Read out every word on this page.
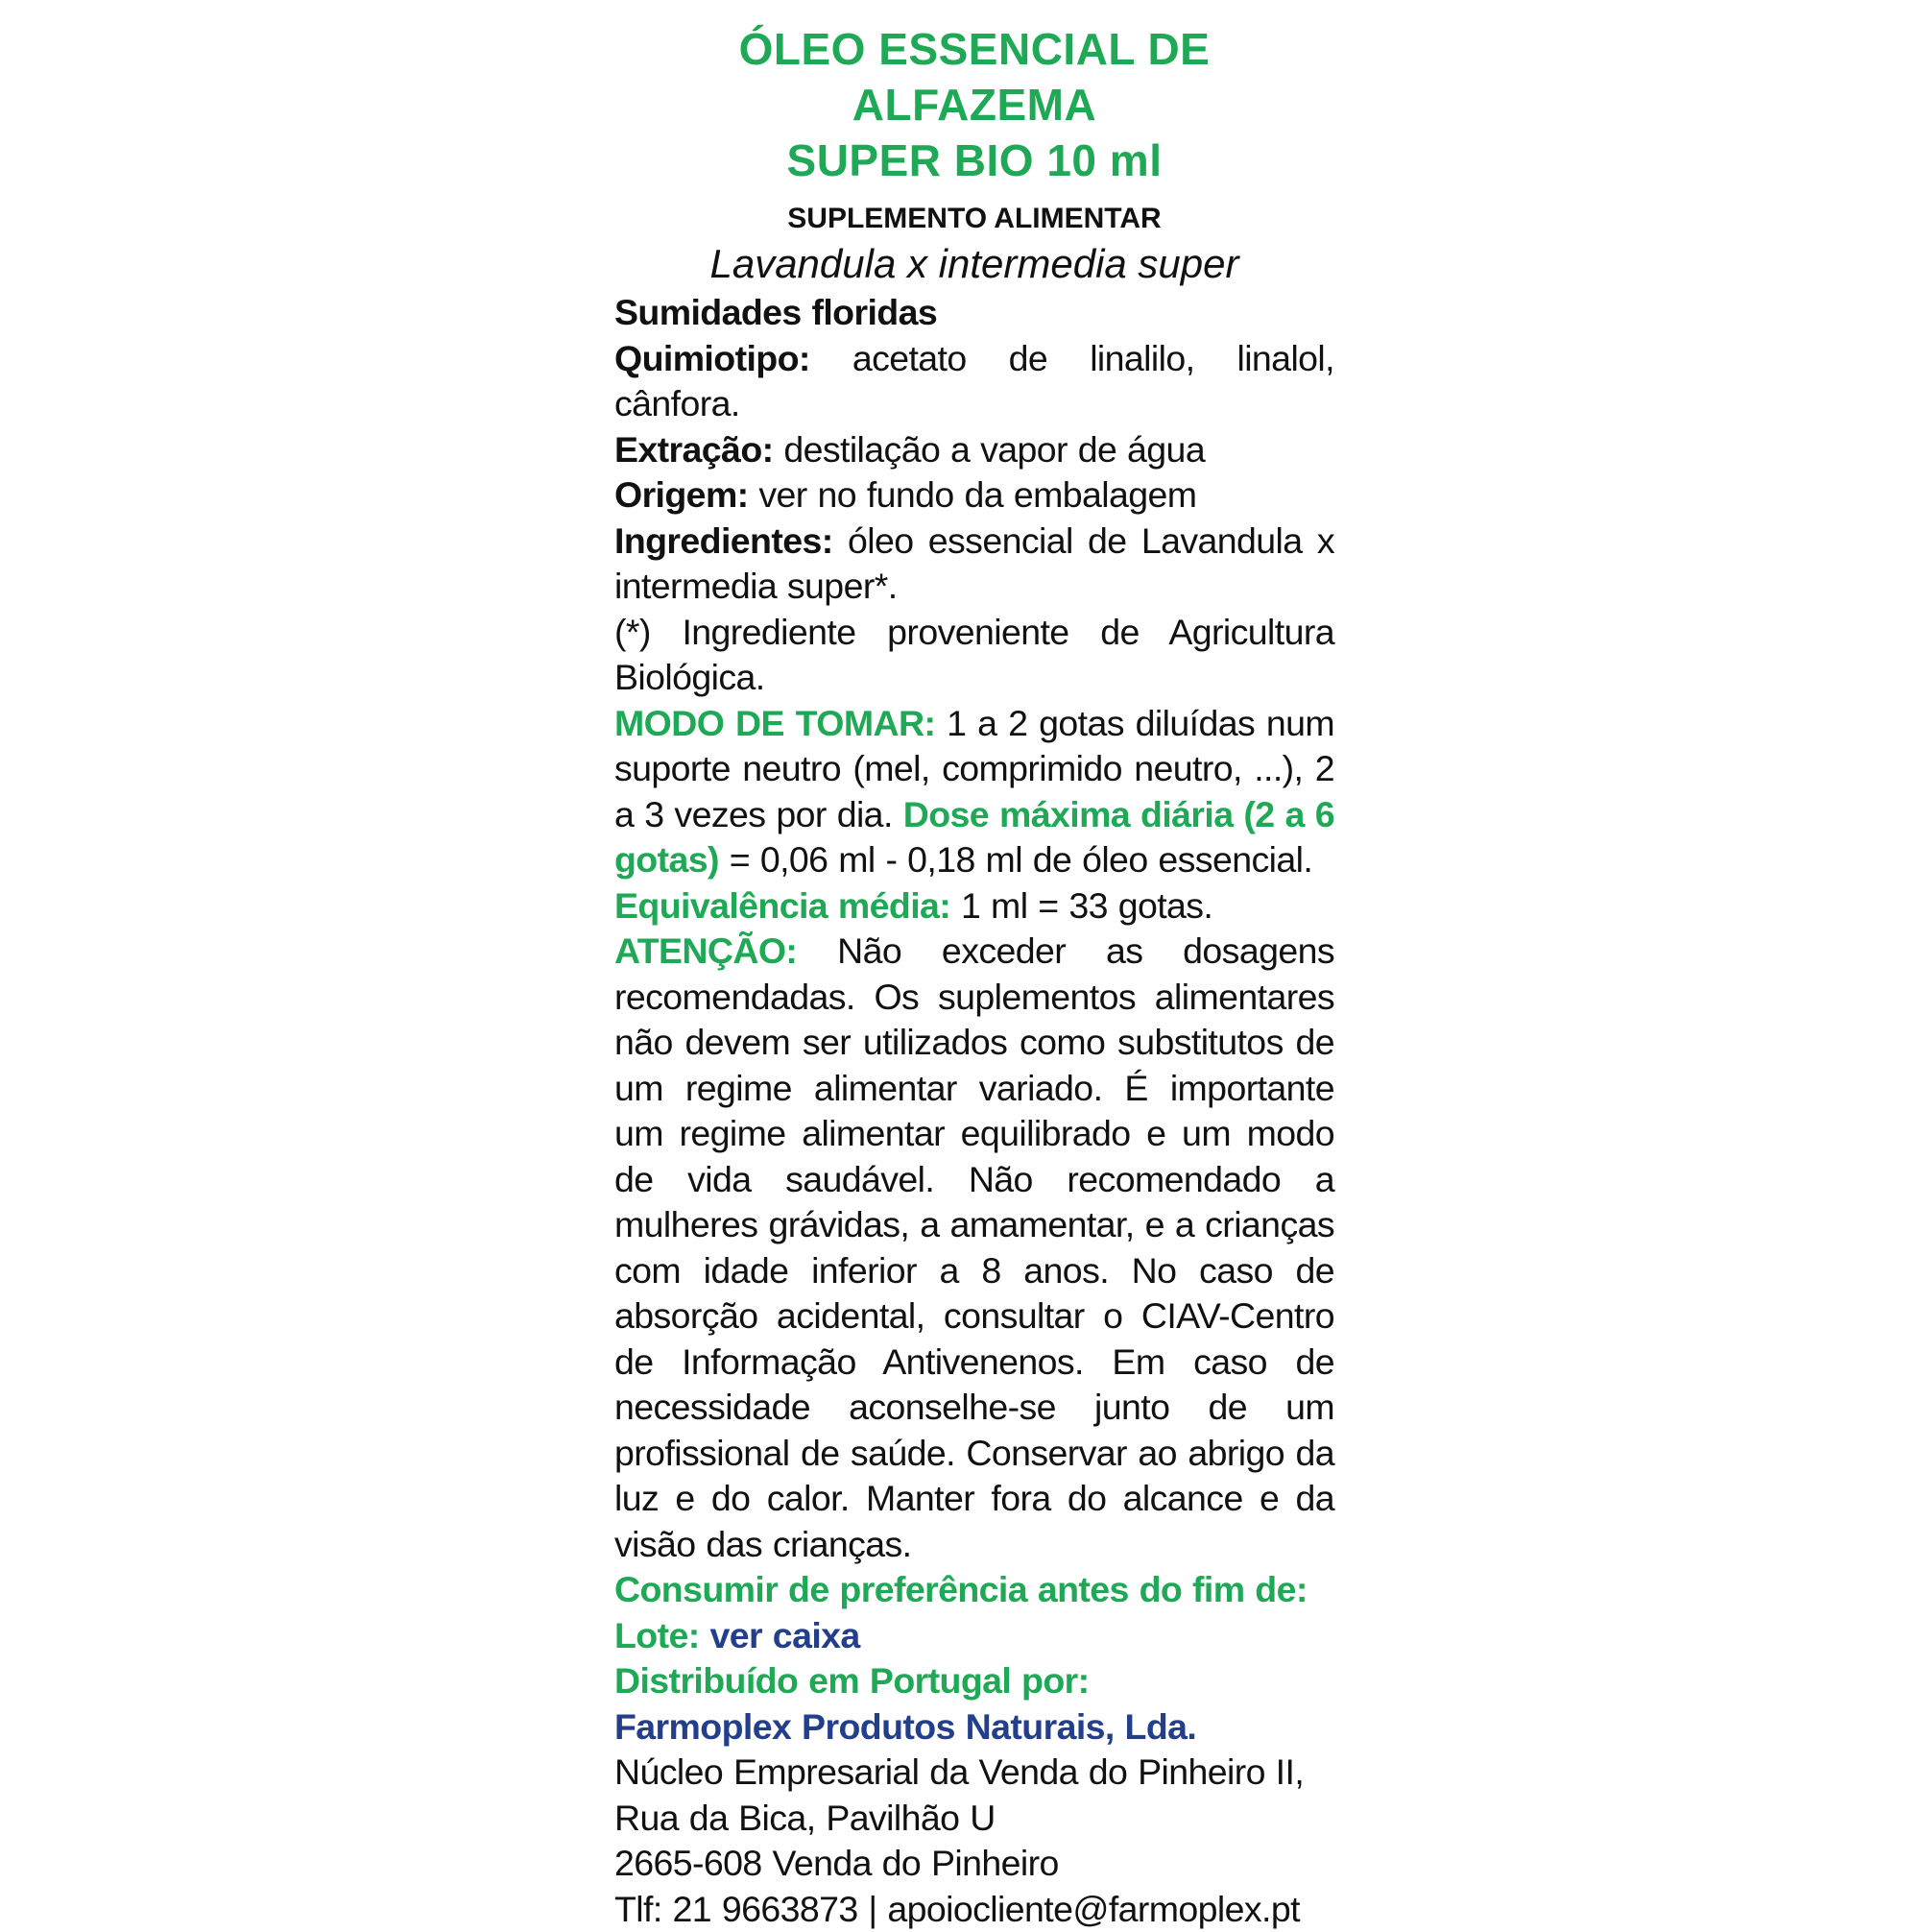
ÓLEO ESSENCIAL DE ALFAZEMA
SUPER BIO 10 ml
SUPLEMENTO ALIMENTAR
Lavandula x intermedia super

Sumidades floridas

Quimiotipo: acetato de linalilo, linalol, cânfora.

Extração: destilação a vapor de água

Origem: ver no fundo da embalagem

Ingredientes: óleo essencial de Lavandula x intermedia super*.

(*) Ingrediente proveniente de Agricultura Biológica.

MODO DE TOMAR: 1 a 2 gotas diluídas num suporte neutro (mel, comprimido neutro, ...), 2 a 3 vezes por dia. Dose máxima diária (2 a 6 gotas) = 0,06 ml - 0,18 ml de óleo essencial.

Equivalência média: 1 ml = 33 gotas.

ATENÇÃO: Não exceder as dosagens recomendadas. Os suplementos alimentares não devem ser utilizados como substitutos de um regime alimentar variado. É importante um regime alimentar equilibrado e um modo de vida saudável. Não recomendado a mulheres grávidas, a amamentar, e a crianças com idade inferior a 8 anos. No caso de absorção acidental, consultar o CIAV-Centro de Informação Antivenenos. Em caso de necessidade aconselhe-se junto de um profissional de saúde. Conservar ao abrigo da luz e do calor. Manter fora do alcance e da visão das crianças.

Consumir de preferência antes do fim de:

Lote: ver caixa

Distribuído em Portugal por:

Farmoplex Produtos Naturais, Lda.

Núcleo Empresarial da Venda do Pinheiro II,

Rua da Bica, Pavilhão U

2665-608 Venda do Pinheiro

Tlf: 21 9663873 | apoiocliente@farmoplex.pt
